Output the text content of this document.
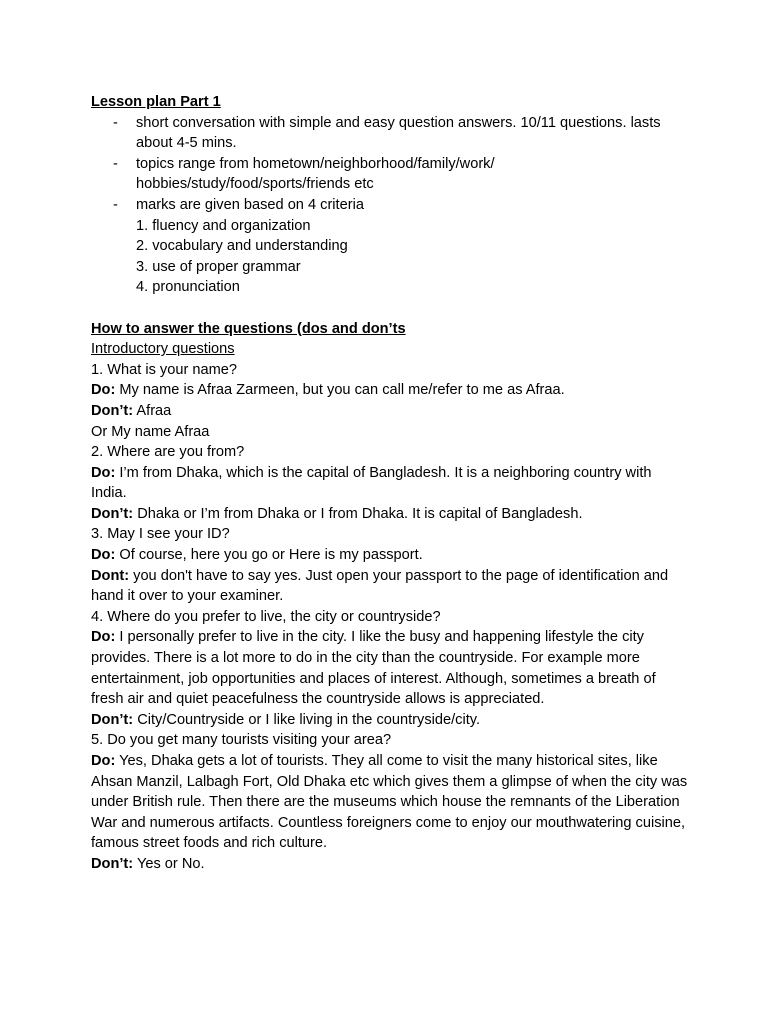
Lesson plan Part 1
- short conversation with simple and easy question answers. 10/11 questions. lasts about 4-5 mins.
- topics range from hometown/neighborhood/family/work/ hobbies/study/food/sports/friends etc
- marks are given based on 4 criteria
1. fluency and organization
2. vocabulary and understanding
3. use of proper grammar
4. pronunciation
How to answer the questions (dos and don’ts
Introductory questions

1. What is your name?

Do: My name is Afraa Zarmeen, but you can call me/refer to me as Afraa.

Don’t: Afraa

Or My name Afraa

2. Where are you from?

Do: I’m from Dhaka, which is the capital of Bangladesh. It is a neighboring country with India.

Don’t: Dhaka or I’m from Dhaka or I from Dhaka. It is capital of Bangladesh.

3. May I see your ID?

Do: Of course, here you go or Here is my passport.

Dont: you don't have to say yes. Just open your passport to the page of identification and hand it over to your examiner.

4. Where do you prefer to live, the city or countryside?

Do: I personally prefer to live in the city. I like the busy and happening lifestyle the city provides. There is a lot more to do in the city than the countryside. For example more entertainment, job opportunities and places of interest. Although, sometimes a breath of fresh air and quiet peacefulness the countryside allows is appreciated.

Don’t: City/Countryside or I like living in the countryside/city.

5. Do you get many tourists visiting your area?

Do: Yes, Dhaka gets a lot of tourists. They all come to visit the many historical sites, like Ahsan Manzil, Lalbagh Fort, Old Dhaka etc which gives them a glimpse of when the city was under British rule. Then there are the museums which house the remnants of the Liberation War and numerous artifacts. Countless foreigners come to enjoy our mouthwatering cuisine, famous street foods and rich culture.

Don’t: Yes or No.
